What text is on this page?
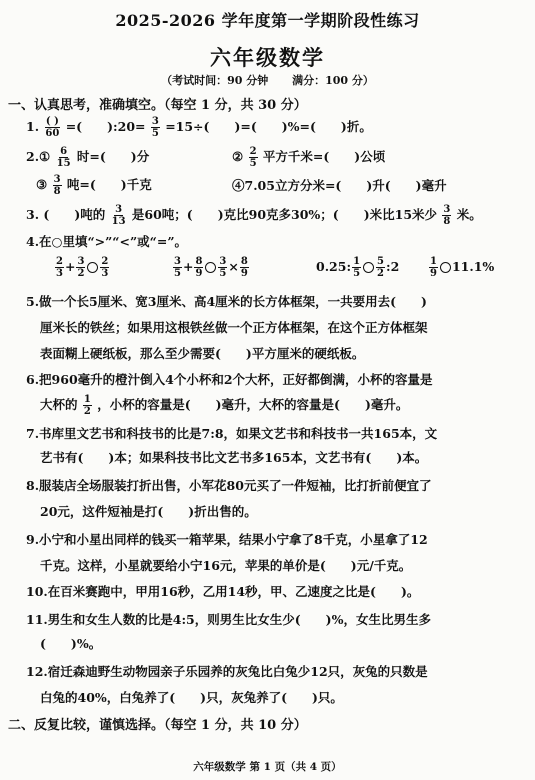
2025-2026 学年度第一学期阶段性练习
六年级数学
（考试时间：90 分钟 满分：100 分）
一、认真思考，准确填空。（每空 1 分，共 30 分）
1. $\frac{( )}{60}$ =(　　):20= $\frac{3}{5} =15\div$(　　)=(　　)%=(　　)折。
2.① $\frac{6}{15}$ 时=(　　)分	② $\frac{2}{5}$ 平方千米=(　　)公顷
③ $\frac{3}{8}$ 吨=(　　)千克	④7.05立方分米=(　　)升(　　)毫升
3. (　　)吨的 $\frac{3}{13}$ 是60吨；(　　)克比90克多30%；(　　)米比15米少 $\frac{3}{8}$ 米。
4.在○里填“>”“<”或“=”。
$\frac{2}{3} + \frac{3}{2} \frac{2}{3}$	$\frac{3}{5} + \frac{8}{9} \frac{3}{5} \times \frac{8}{9}$	0.25: $\frac{1}{5} \frac{5}{2}$ :2	$\frac{1}{9} 11.1\%$
5.做一个长5厘米、宽3厘米、高4厘米的长方体框架，一共要用去(　　)
厘米长的铁丝；如果用这根铁丝做一个正方体框架，在这个正方体框架
表面糊上硬纸板，那么至少需要(　　)平方厘米的硬纸板。
6.把960毫升的橙汁倒入4个小杯和2个大杯，正好都倒满，小杯的容量是
大杯的 $\frac{1}{2}$ ，小杯的容量是(　　)毫升，大杯的容量是(　　)毫升。
7.书库里文艺书和科技书的比是7:8，如果文艺书和科技书一共165本，文
艺书有(　　)本；如果科技书比文艺书多165本，文艺书有(　　)本。
8.服装店全场服装打折出售，小军花80元买了一件短袖，比打折前便宜了
20元，这件短袖是打(　　)折出售的。
9.小宁和小星出同样的钱买一箱苹果，结果小宁拿了8千克，小星拿了12
千克。这样，小星就要给小宁16元，苹果的单价是(　　)元/千克。
10.在百米赛跑中，甲用16秒，乙用14秒，甲、乙速度之比是(　　)。
11.男生和女生人数的比是4:5，则男生比女生少(　　)%，女生比男生多
(　　)%。
12.宿迁森迪野生动物园亲子乐园养的灰兔比白兔少12只，灰兔的只数是
白兔的40%，白兔养了(　　)只，灰兔养了(　　)只。
二、反复比较，谨慎选择。（每空 1 分，共 10 分）
六年级数学 第 1 页（共 4 页）
